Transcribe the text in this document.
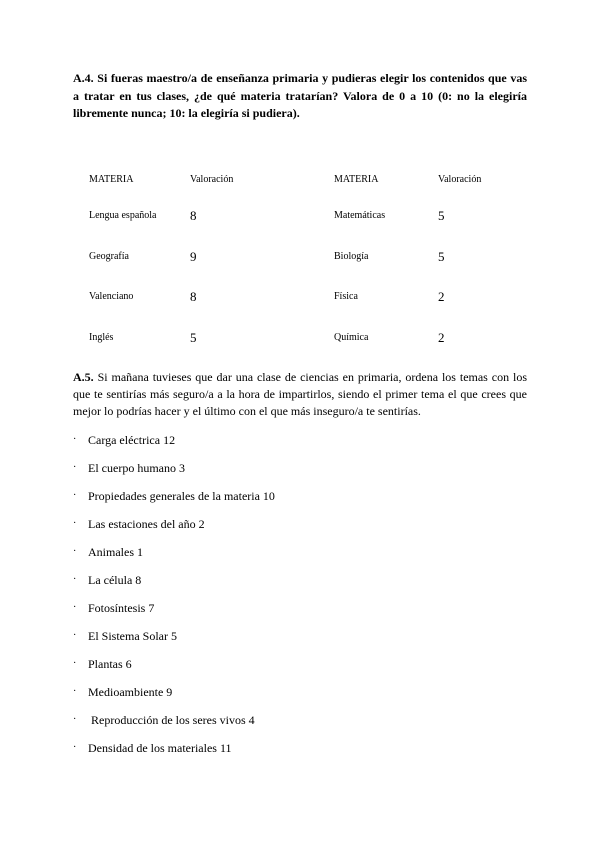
A.4. Si fueras maestro/a de enseñanza primaria y pudieras elegir los contenidos que vas a tratar en tus clases, ¿de qué materia tratarían? Valora de 0 a 10 (0: no la elegiría libremente nunca; 10: la elegiría si pudiera).

MATERIA	Valoración	MATERIA	Valoración
Lengua española	8	Matemáticas	5
Geografía	9	Biología	5
Valenciano	8	Física	2
Inglés	5	Química	2

A.5. Si mañana tuvieses que dar una clase de ciencias en primaria, ordena los temas con los que te sentirías más seguro/a a la hora de impartirlos, siendo el primer tema el que crees que mejor lo podrías hacer y el último con el que más inseguro/a te sentirías.

· Carga eléctrica 12
· El cuerpo humano 3
· Propiedades generales de la materia 10
· Las estaciones del año 2
· Animales 1
· La célula 8
· Fotosíntesis 7
· El Sistema Solar 5
· Plantas 6
· Medioambiente 9
· Reproducción de los seres vivos 4
· Densidad de los materiales 11
